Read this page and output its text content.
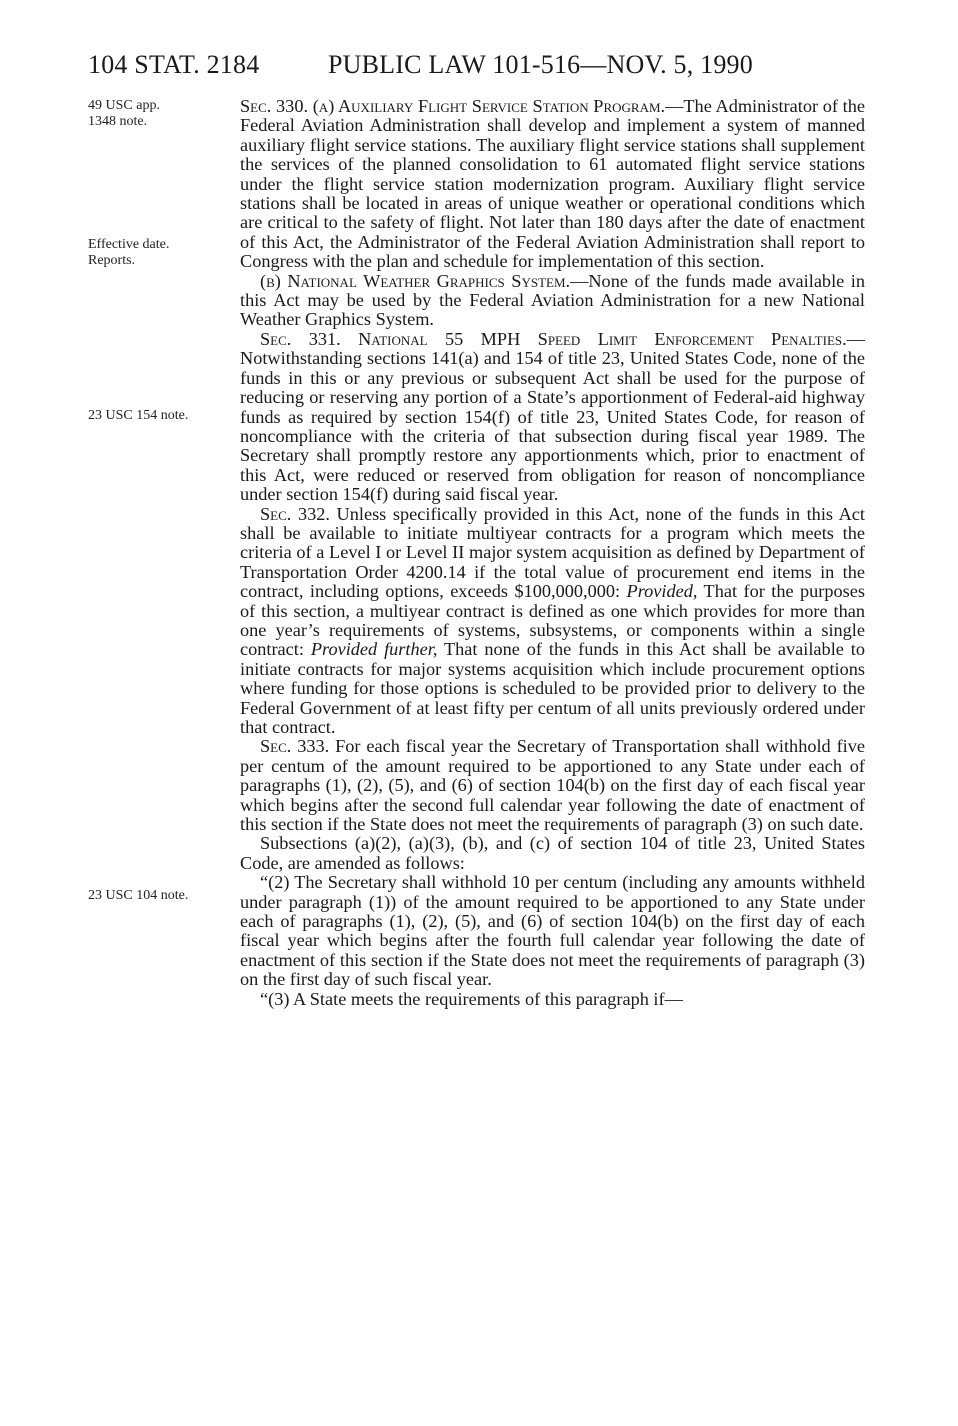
104 STAT. 2184	PUBLIC LAW 101-516—NOV. 5, 1990
49 USC app.
1348 note.
Effective date.
Reports.
23 USC 154 note.
23 USC 104 note.

Sec. 330. (a) Auxiliary Flight Service Station Program.—The Administrator of the Federal Aviation Administration shall develop and implement a system of manned auxiliary flight service stations. The auxiliary flight service stations shall supplement the services of the planned consolidation to 61 automated flight service stations under the flight service station modernization program. Auxiliary flight service stations shall be located in areas of unique weather or operational conditions which are critical to the safety of flight. Not later than 180 days after the date of enactment of this Act, the Administrator of the Federal Aviation Administration shall report to Congress with the plan and schedule for implementation of this section.

(b) National Weather Graphics System.—None of the funds made available in this Act may be used by the Federal Aviation Administration for a new National Weather Graphics System.

Sec. 331. National 55 MPH Speed Limit Enforcement Penalties.—Notwithstanding sections 141(a) and 154 of title 23, United States Code, none of the funds in this or any previous or subsequent Act shall be used for the purpose of reducing or reserving any portion of a State’s apportionment of Federal-aid highway funds as required by section 154(f) of title 23, United States Code, for reason of noncompliance with the criteria of that subsection during fiscal year 1989. The Secretary shall promptly restore any apportionments which, prior to enactment of this Act, were reduced or reserved from obligation for reason of noncompliance under section 154(f) during said fiscal year.

Sec. 332. Unless specifically provided in this Act, none of the funds in this Act shall be available to initiate multiyear contracts for a program which meets the criteria of a Level I or Level II major system acquisition as defined by Department of Transportation Order 4200.14 if the total value of procurement end items in the contract, including options, exceeds $100,000,000: Provided, That for the purposes of this section, a multiyear contract is defined as one which provides for more than one year’s requirements of systems, subsystems, or components within a single contract: Provided further, That none of the funds in this Act shall be available to initiate contracts for major systems acquisition which include procurement options where funding for those options is scheduled to be provided prior to delivery to the Federal Government of at least fifty per centum of all units previously ordered under that contract.

Sec. 333. For each fiscal year the Secretary of Transportation shall withhold five per centum of the amount required to be apportioned to any State under each of paragraphs (1), (2), (5), and (6) of section 104(b) on the first day of each fiscal year which begins after the second full calendar year following the date of enactment of this section if the State does not meet the requirements of paragraph (3) on such date.

Subsections (a)(2), (a)(3), (b), and (c) of section 104 of title 23, United States Code, are amended as follows:

“(2) The Secretary shall withhold 10 per centum (including any amounts withheld under paragraph (1)) of the amount required to be apportioned to any State under each of paragraphs (1), (2), (5), and (6) of section 104(b) on the first day of each fiscal year which begins after the fourth full calendar year following the date of enactment of this section if the State does not meet the requirements of paragraph (3) on the first day of such fiscal year.

“(3) A State meets the requirements of this paragraph if—
